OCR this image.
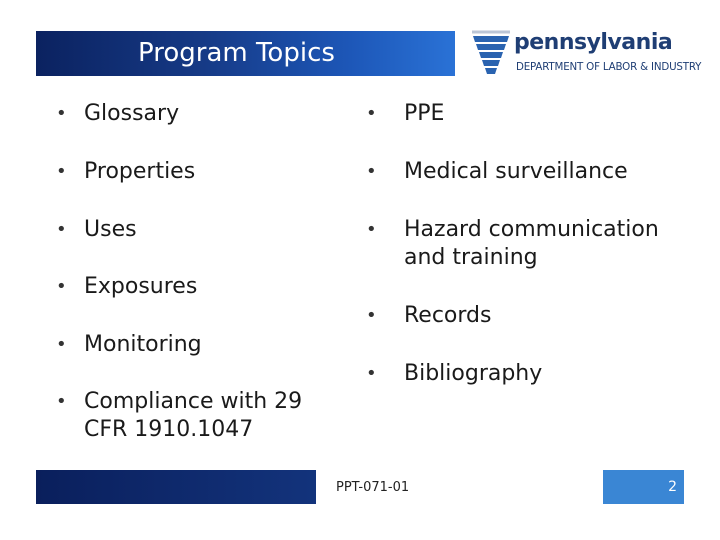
Program Topics	pennsylvania
DEPARTMENT OF LABOR & INDUSTRY
• Glossary
• Properties
• Uses
• Exposures
• Monitoring
• Compliance with 29
CFR 1910.1047
• PPE
• Medical surveillance
• Hazard communication
and training
• Records
• Bibliography
PPT-071-01	2
